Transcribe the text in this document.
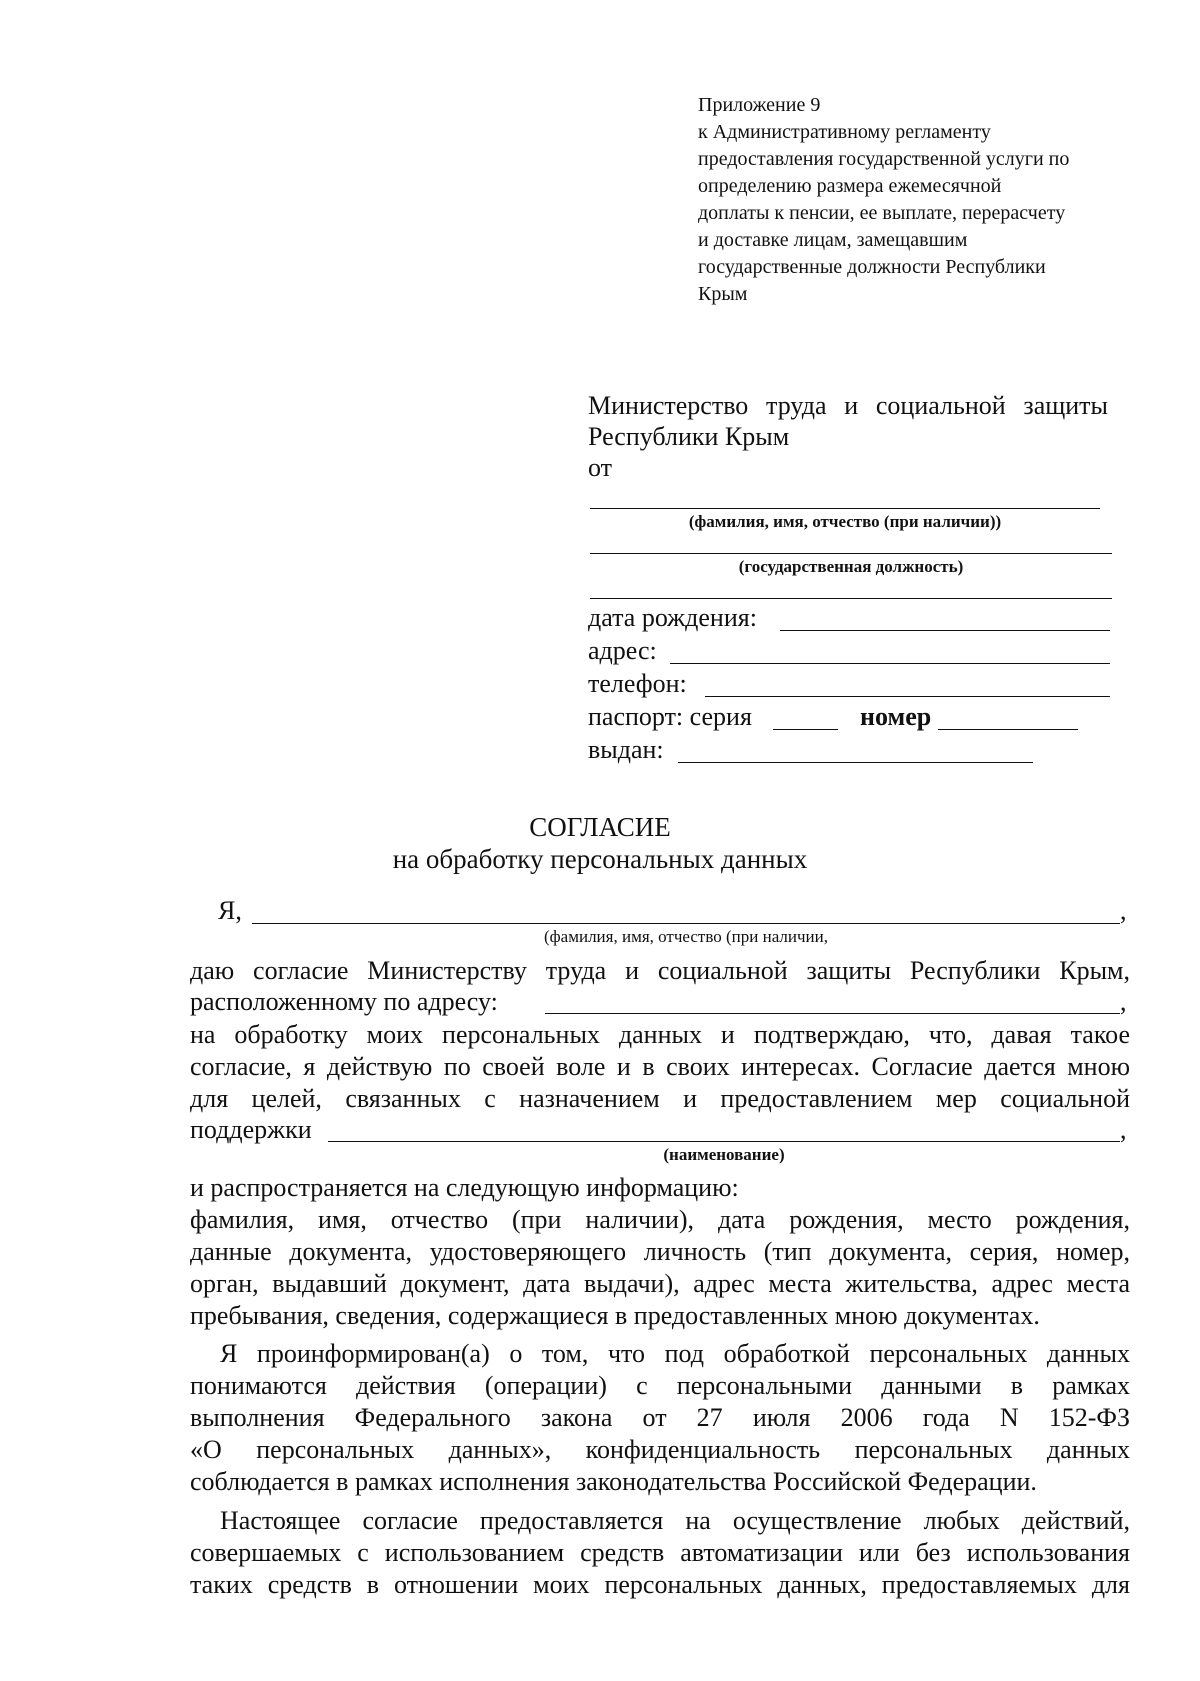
Приложение 9
к Административному регламенту
предоставления государственной услуги по
определению размера ежемесячной
доплаты к пенсии, ее выплате, перерасчету
и доставке лицам, замещавшим
государственные должности Республики
Крым
Министерство труда и социальной защиты
Республики Крым
от
(фамилия, имя, отчество (при наличии))
(государственная должность)
дата рождения:
адрес:
телефон:
паспорт: серия	номер
выдан:
СОГЛАСИЕ
на обработку персональных данных
Я,	,
(фамилия, имя, отчество (при наличии,
даю согласие Министерству труда и социальной защиты Республики Крым,
расположенному по адресу:	,
на обработку моих персональных данных и подтверждаю, что, давая такое
согласие, я действую по своей воле и в своих интересах. Согласие дается мною
для целей, связанных с назначением и предоставлением мер социальной
поддержки	,
(наименование)
и распространяется на следующую информацию:
фамилия, имя, отчество (при наличии), дата рождения, место рождения,
данные документа, удостоверяющего личность (тип документа, серия, номер,
орган, выдавший документ, дата выдачи), адрес места жительства, адрес места
пребывания, сведения, содержащиеся в предоставленных мною документах.
Я проинформирован(а) о том, что под обработкой персональных данных
понимаются действия (операции) с персональными данными в рамках
выполнения Федерального закона от 27 июля 2006 года N 152-ФЗ
«О персональных данных», конфиденциальность персональных данных
соблюдается в рамках исполнения законодательства Российской Федерации.
Настоящее согласие предоставляется на осуществление любых действий,
совершаемых с использованием средств автоматизации или без использования
таких средств в отношении моих персональных данных, предоставляемых для
